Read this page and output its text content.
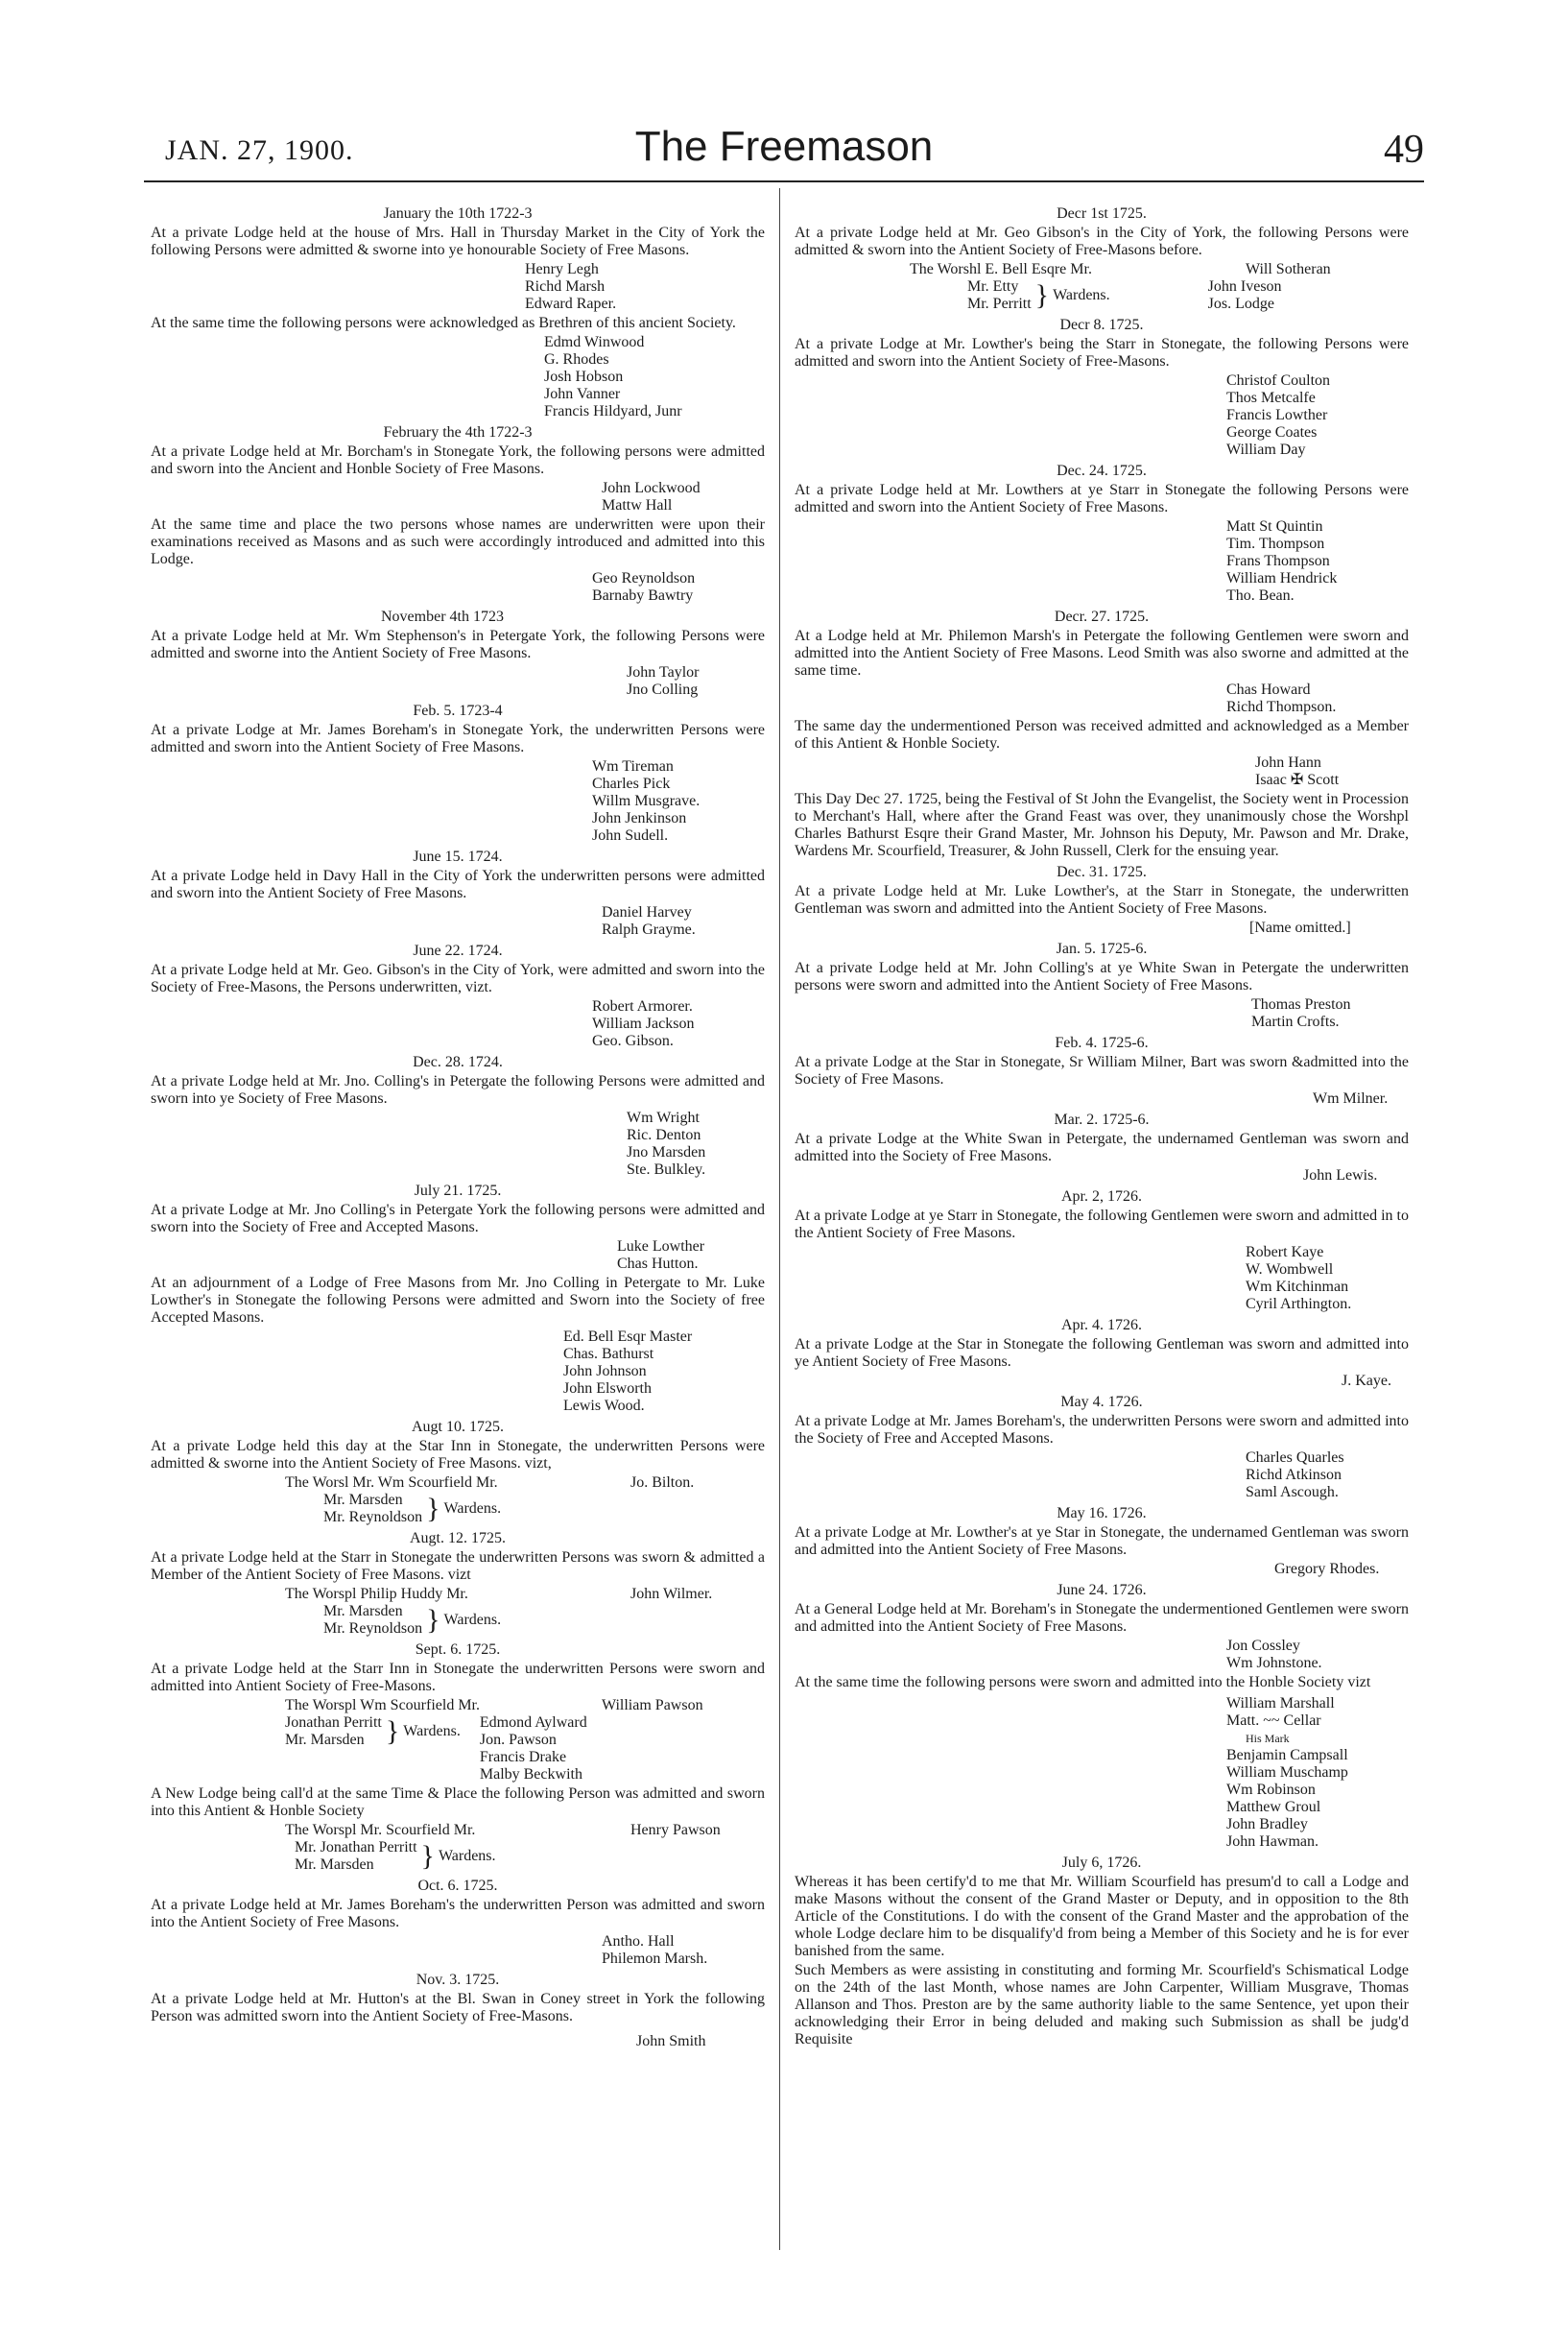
JAN. 27, 1900.	The Freemason	49
January the 10th 1722-3
At a private Lodge held at the house of Mrs. Hall in Thursday Market in the City of York the following Persons were admitted & sworne into ye honourable Society of Free Masons.
Henry Legh
Richd Marsh
Edward Raper.
At the same time the following persons were acknowledged as Brethren of this ancient Society.
Edmd Winwood
G. Rhodes
Josh Hobson
John Vanner
Francis Hildyard, Junr
February the 4th 1722-3
At a private Lodge held at Mr. Borcham's in Stonegate York, the following persons were admitted and sworn into the Ancient and Honble Society of Free Masons.
John Lockwood
Mattw Hall
At the same time and place the two persons whose names are underwritten were upon their examinations received as Masons and as such were accordingly introduced and admitted into this Lodge.
Geo Reynoldson
Barnaby Bawtry
November 4th 1723
At a private Lodge held at Mr. Wm Stephenson's in Petergate York, the following Persons were admitted and sworne into the Antient Society of Free Masons.
John Taylor
Jno Colling
Feb. 5. 1723-4
At a private Lodge at Mr. James Boreham's in Stonegate York, the underwritten Persons were admitted and sworn into the Antient Society of Free Masons.
Wm Tireman
Charles Pick
Willm Musgrave.
John Jenkinson
John Sudell.
June 15. 1724.
At a private Lodge held in Davy Hall in the City of York the underwritten persons were admitted and sworn into the Antient Society of Free Masons.
Daniel Harvey
Ralph Grayme.
June 22. 1724.
At a private Lodge held at Mr. Geo. Gibson's in the City of York, were admitted and sworn into the Society of Free-Masons, the Persons underwritten, vizt.
Robert Armorer.
William Jackson
Geo. Gibson.
Dec. 28. 1724.
At a private Lodge held at Mr. Jno. Colling's in Petergate the following Persons were admitted and sworn into ye Society of Free Masons.
Wm Wright
Ric. Denton
Jno Marsden
Ste. Bulkley.
July 21. 1725.
At a private Lodge at Mr. Jno Colling's in Petergate York the following persons were admitted and sworn into the Society of Free and Accepted Masons.
Luke Lowther
Chas Hutton.
At an adjournment of a Lodge of Free Masons from Mr. Jno Colling in Petergate to Mr. Luke Lowther's in Stonegate the following Persons were admitted and Sworn into the Society of free Accepted Masons.
Ed. Bell Esqr Master
Chas. Bathurst
John Johnson
John Elsworth
Lewis Wood.
Augt 10. 1725.
At a private Lodge held this day at the Star Inn in Stonegate, the underwritten Persons were admitted & sworne into the Antient Society of Free Masons. vizt,
The Worsl Mr. Wm Scourfield Mr.	Jo. Bilton.
Mr. Marsden
Mr. Reynoldson } Wardens.
Augt. 12. 1725.
At a private Lodge held at the Starr in Stonegate the underwritten Persons was sworn & admitted a Member of the Antient Society of Free Masons. vizt
The Worspl Philip Huddy Mr.	John Wilmer.
Mr. Marsden
Mr. Reynoldson } Wardens.
Sept. 6. 1725.
At a private Lodge held at the Starr Inn in Stonegate the underwritten Persons were sworn and admitted into Antient Society of Free-Masons.
The Worspl Wm Scourfield Mr.	William Pawson
Jonathan Perritt
Mr. Marsden } Wardens.
Edmond Aylward
Jon. Pawson
Francis Drake
Malby Beckwith
A New Lodge being call'd at the same Time & Place the following Person was admitted and sworn into this Antient & Honble Society
The Worspl Mr. Scourfield Mr.	Henry Pawson
Mr. Jonathan Perritt
Mr. Marsden	} Wardens.
Oct. 6. 1725.
At a private Lodge held at Mr. James Boreham's the underwritten Person was admitted and sworn into the Antient Society of Free Masons.
Antho. Hall
Philemon Marsh.
Nov. 3. 1725.
At a private Lodge held at Mr. Hutton's at the Bl. Swan in Coney street in York the following Person was admitted sworn into the Antient Society of Free-Masons.
John Smith
Decr 1st 1725.
At a private Lodge held at Mr. Geo Gibson's in the City of York, the following Persons were admitted & sworn into the Antient Society of Free-Masons before.
The Worshl E. Bell Esqre Mr.	Will Sotheran
Mr. Etty
Mr. Perritt } Wardens.
John Iveson
Jos. Lodge
Decr 8. 1725.
At a private Lodge at Mr. Lowther's being the Starr in Stonegate, the following Persons were admitted and sworn into the Antient Society of Free-Masons.
Christof Coulton
Thos Metcalfe
Francis Lowther
George Coates
William Day
Dec. 24. 1725.
At a private Lodge held at Mr. Lowthers at ye Starr in Stonegate the following Persons were admitted and sworn into the Antient Society of Free Masons.
Matt St Quintin
Tim. Thompson
Frans Thompson
William Hendrick
Tho. Bean.
Decr. 27. 1725.
At a Lodge held at Mr. Philemon Marsh's in Petergate the following Gentlemen were sworn and admitted into the Antient Society of Free Masons. Leod Smith was also sworne and admitted at the same time.
Chas Howard
Richd Thompson.
The same day the undermentioned Person was received admitted and acknowledged as a Member of this Antient & Honble Society.
John Hann
Isaac ✠ Scott
This Day Dec 27. 1725, being the Festival of St John the Evangelist, the Society went in Procession to Merchant's Hall, where after the Grand Feast was over, they unanimously chose the Worshpl Charles Bathurst Esqre their Grand Master, Mr. Johnson his Deputy, Mr. Pawson and Mr. Drake, Wardens Mr. Scourfield, Treasurer, & John Russell, Clerk for the ensuing year.
Dec. 31. 1725.
At a private Lodge held at Mr. Luke Lowther's, at the Starr in Stonegate, the underwritten Gentleman was sworn and admitted into the Antient Society of Free Masons.
[Name omitted.]
Jan. 5. 1725-6.
At a private Lodge held at Mr. John Colling's at ye White Swan in Petergate the underwritten persons were sworn and admitted into the Antient Society of Free Masons.
Thomas Preston
Martin Crofts.
Feb. 4. 1725-6.
At a private Lodge at the Star in Stonegate, Sr William Milner, Bart was sworn &admitted into the Society of Free Masons.
Wm Milner.
Mar. 2. 1725-6.
At a private Lodge at the White Swan in Petergate, the undernamed Gentleman was sworn and admitted into the Society of Free Masons.
John Lewis.
Apr. 2, 1726.
At a private Lodge at ye Starr in Stonegate, the following Gentlemen were sworn and admitted in to the Antient Society of Free Masons.
Robert Kaye
W. Wombwell
Wm Kitchinman
Cyril Arthington.
Apr. 4. 1726.
At a private Lodge at the Star in Stonegate the following Gentleman was sworn and admitted into ye Antient Society of Free Masons.
J. Kaye.
May 4. 1726.
At a private Lodge at Mr. James Boreham's, the underwritten Persons were sworn and admitted into the Society of Free and Accepted Masons.
Charles Quarles
Richd Atkinson
Saml Ascough.
May 16. 1726.
At a private Lodge at Mr. Lowther's at ye Star in Stonegate, the undernamed Gentleman was sworn and admitted into the Antient Society of Free Masons.
Gregory Rhodes.
June 24. 1726.
At a General Lodge held at Mr. Boreham's in Stonegate the undermentioned Gentlemen were sworn and admitted into the Antient Society of Free Masons.
Jon Cossley
Wm Johnstone.
At the same time the following persons were sworn and admitted into the Honble Society vizt
William Marshall
Matt. ~~ Cellar
His Mark
Benjamin Campsall
William Muschamp
Wm Robinson
Matthew Groul
John Bradley
John Hawman.
July 6, 1726.
Whereas it has been certify'd to me that Mr. William Scourfield has presum'd to call a Lodge and make Masons without the consent of the Grand Master or Deputy, and in opposition to the 8th Article of the Constitutions. I do with the consent of the Grand Master and the approbation of the whole Lodge declare him to be disqualify'd from being a Member of this Society and he is for ever banished from the same.
Such Members as were assisting in constituting and forming Mr. Scourfield's Schismatical Lodge on the 24th of the last Month, whose names are John Carpenter, William Musgrave, Thomas Allanson and Thos. Preston are by the same authority liable to the same Sentence, yet upon their acknowledging their Error in being deluded and making such Submission as shall be judg'd Requisite
